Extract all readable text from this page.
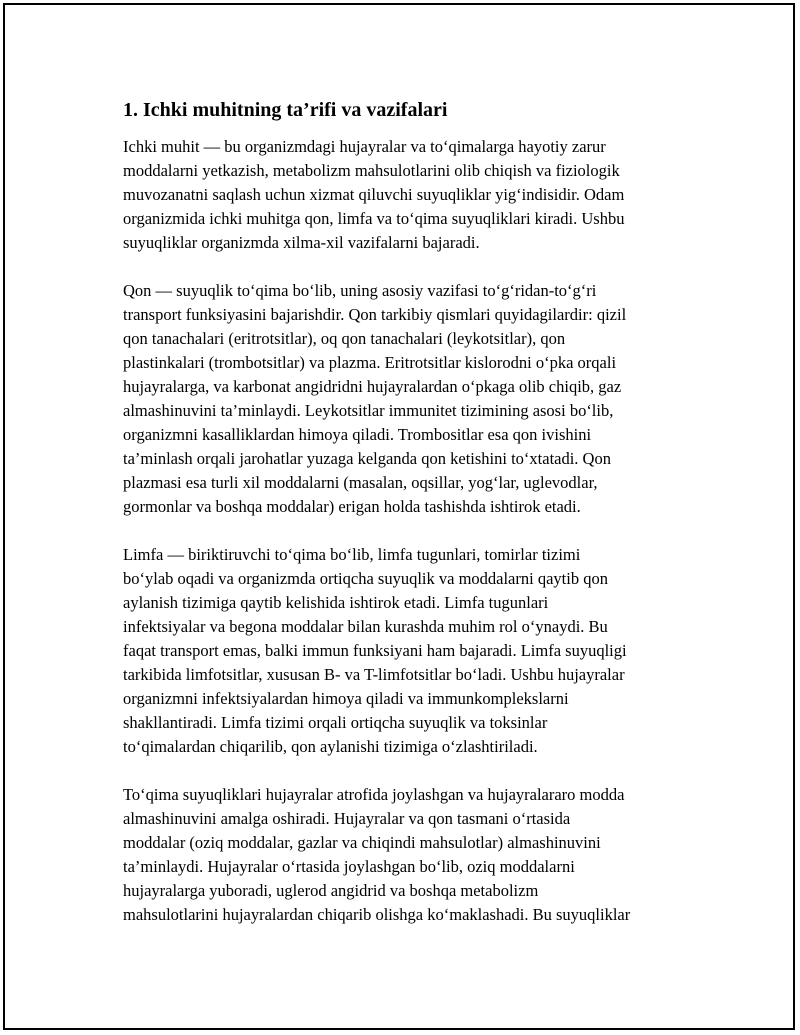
1. Ichki muhitning ta’rifi va vazifalari

Ichki muhit — bu organizmdagi hujayralar va to‘qimalarga hayotiy zarur
moddalarni yetkazish, metabolizm mahsulotlarini olib chiqish va fiziologik
muvozanatni saqlash uchun xizmat qiluvchi suyuqliklar yig‘indisidir. Odam
organizmida ichki muhitga qon, limfa va to‘qima suyuqliklari kiradi. Ushbu
suyuqliklar organizmda xilma-xil vazifalarni bajaradi.

Qon — suyuqlik to‘qima bo‘lib, uning asosiy vazifasi to‘g‘ridan-to‘g‘ri
transport funksiyasini bajarishdir. Qon tarkibiy qismlari quyidagilardir: qizil
qon tanachalari (eritrotsitlar), oq qon tanachalari (leykotsitlar), qon
plastinkalari (trombotsitlar) va plazma. Eritrotsitlar kislorodni o‘pka orqali
hujayralarga, va karbonat angidridni hujayralardan o‘pkaga olib chiqib, gaz
almashinuvini ta’minlaydi. Leykotsitlar immunitet tizimining asosi bo‘lib,
organizmni kasalliklardan himoya qiladi. Trombositlar esa qon ivishini
ta’minlash orqali jarohatlar yuzaga kelganda qon ketishini to‘xtatadi. Qon
plazmasi esa turli xil moddalarni (masalan, oqsillar, yog‘lar, uglevodlar,
gormonlar va boshqa moddalar) erigan holda tashishda ishtirok etadi.

Limfa — biriktiruvchi to‘qima bo‘lib, limfa tugunlari, tomirlar tizimi
bo‘ylab oqadi va organizmda ortiqcha suyuqlik va moddalarni qaytib qon
aylanish tizimiga qaytib kelishida ishtirok etadi. Limfa tugunlari
infektsiyalar va begona moddalar bilan kurashda muhim rol o‘ynaydi. Bu
faqat transport emas, balki immun funksiyani ham bajaradi. Limfa suyuqligi
tarkibida limfotsitlar, xususan B- va T-limfotsitlar bo‘ladi. Ushbu hujayralar
organizmni infektsiyalardan himoya qiladi va immunkomplekslarni
shakllantiradi. Limfa tizimi orqali ortiqcha suyuqlik va toksinlar
to‘qimalardan chiqarilib, qon aylanishi tizimiga o‘zlashtiriladi.

To‘qima suyuqliklari hujayralar atrofida joylashgan va hujayralararo modda
almashinuvini amalga oshiradi. Hujayralar va qon tasmani o‘rtasida
moddalar (oziq moddalar, gazlar va chiqindi mahsulotlar) almashinuvini
ta’minlaydi. Hujayralar o‘rtasida joylashgan bo‘lib, oziq moddalarni
hujayralarga yuboradi, uglerod angidrid va boshqa metabolizm
mahsulotlarini hujayralardan chiqarib olishga ko‘maklashadi. Bu suyuqliklar
